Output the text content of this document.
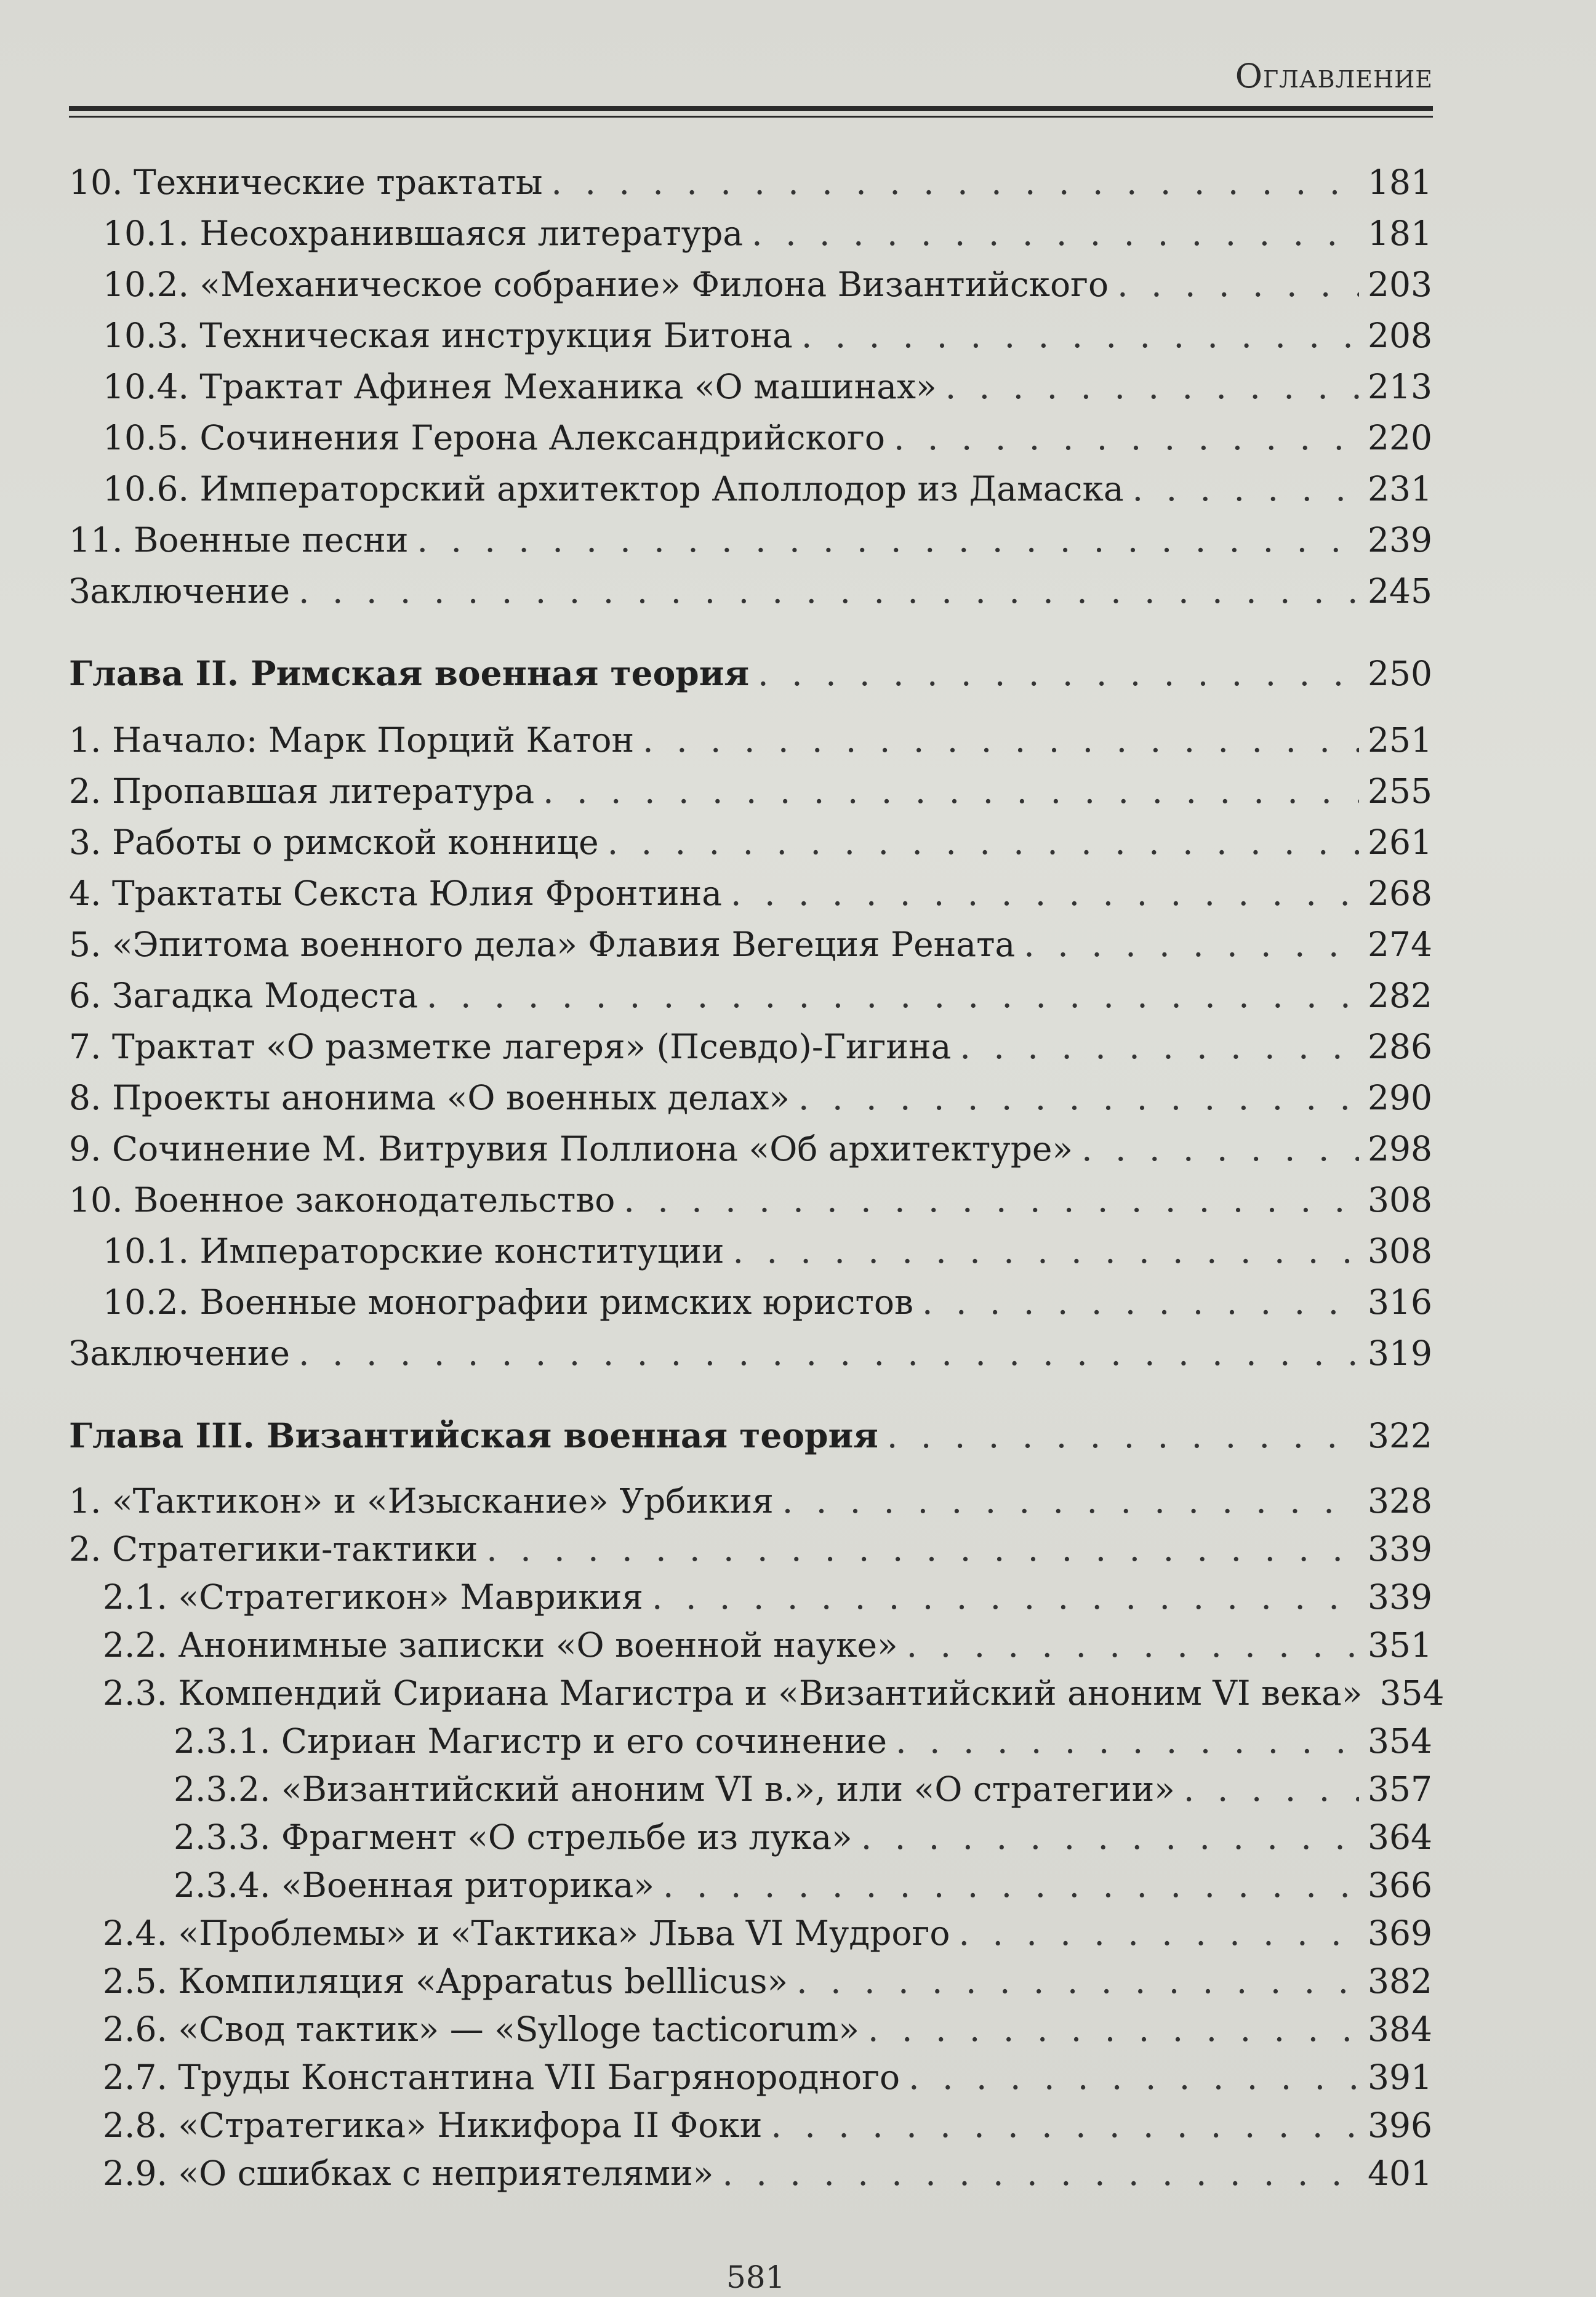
Оглавление
10. Технические трактаты . . .	181
10.1. Несохранившаяся литература . . .	181
10.2. «Механическое собрание» Филона Византийского . . .	203
10.3. Техническая инструкция Битона . . .	208
10.4. Трактат Афинея Механика «О машинах» . . .	213
10.5. Сочинения Герона Александрийского . . .	220
10.6. Императорский архитектор Аполлодор из Дамаска . . .	231
11. Военные песни . . .	239
Заключение . . .	245
Глава II. Римская военная теория . . .	250
1. Начало: Марк Порций Катон . . .	251
2. Пропавшая литература . . .	255
3. Работы о римской коннице . . .	261
4. Трактаты Секста Юлия Фронтина . . .	268
5. «Эпитома военного дела» Флавия Вегеция Рената . . .	274
6. Загадка Модеста . . .	282
7. Трактат «О разметке лагеря» (Псевдо)-Гигина . . .	286
8. Проекты анонима «О военных делах» . . .	290
9. Сочинение М. Витрувия Поллиона «Об архитектуре» . . .	298
10. Военное законодательство . . .	308
10.1. Императорские конституции . . .	308
10.2. Военные монографии римских юристов . . .	316
Заключение . . .	319
Глава III. Византийская военная теория . . .	322
1. «Тактикон» и «Изыскание» Урбикия . . .	328
2. Стратегики-тактики . . .	339
2.1. «Стратегикон» Маврикия . . .	339
2.2. Анонимные записки «О военной науке» . . .	351
2.3. Компендий Сириана Магистра и «Византийский аноним VI века» 354
2.3.1. Сириан Магистр и его сочинение . . .	354
2.3.2. «Византийский аноним VI в.», или «О стратегии» . . .	357
2.3.3. Фрагмент «О стрельбе из лука» . . .	364
2.3.4. «Военная риторика» . . .	366
2.4. «Проблемы» и «Тактика» Льва VI Мудрого . . .	369
2.5. Компиляция «Apparatus belllicus» . . .	382
2.6. «Свод тактик» — «Sylloge tacticorum» . . .	384
2.7. Труды Константина VII Багрянородного . . .	391
2.8. «Стратегика» Никифора II Фоки . . .	396
2.9. «О сшибках с неприятелями» . . .	401
581
